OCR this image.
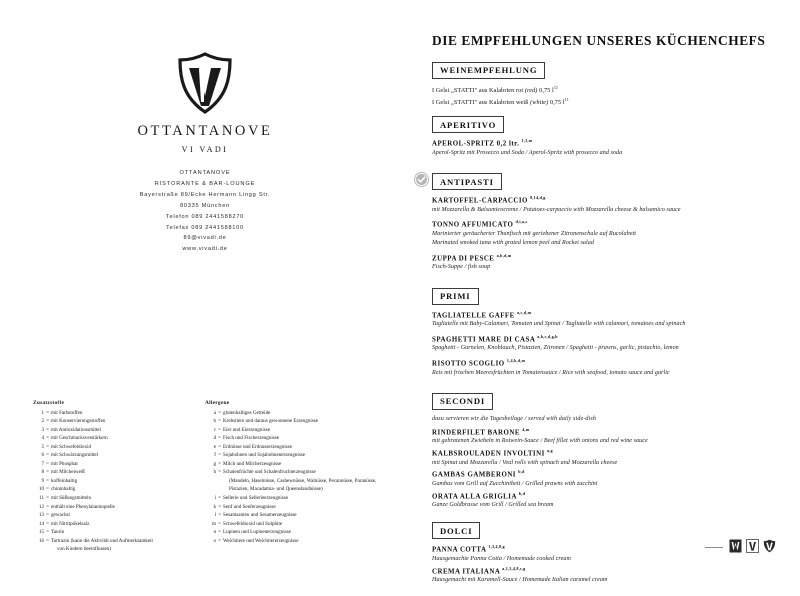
OTTANTANOVE
VI VADI
OTTANTANOVE
RISTORANTE & BAR-LOUNGE
Bayerstraße 89/Ecke Hermann Lingg Str.
80335 München
Telefon 089 2441588270
Telefax 089 2441588100
89@vivadi.de
www.vivadi.de
Zusatzstoffe
1 = mit Farbstoffen
2 = mit Konservierungsstoffen
3 = mit Antioxidationsmittel
4 = mit Geschmacksverstärkern
5 = mit Schwefeldioxid
6 = mit Schwärzungsmittel
7 = mit Phosphat
8 = mit Milcheiweiß
9 = koffeinhaltig
10 = chininhaltig
11 = mit Süßungsmitteln
12 = enthält eine Phenylalaninquelle
13 = gewachst
14 = mit Nitritpökelsalz
15 = Taurin
16 = Tartrazin (kann die Aktivität und Aufmerksamkeit
von Kindern beeinflussen)
Allergene
a = glutenhaltiges Getreide
b = Krebstiere und daraus gewonnene Erzeugnisse
c = Eier und Eierzeugnisse
d = Fisch und Fischerzeugnisse
e = Erdnüsse und Erdnusserzeugnisse
f = Sojabohnen und Sojabohnenerzeugnisse
g = Milch und Milcherzeugnisse
h = Schalenfrüchte und Schalenfruchterzeugnisse
(Mandeln, Haselnüsse, Cashewnüsse, Walnüsse, Pecannüsse, Paranüsse, Pistazien, Macadamia- und Queenslandnüsse)
i = Sellerie und Sellerieerzeugnisse
k = Senf und Senferzeugnisse
l = Sesamsamen und Sesamerzeugnisse
m = Schwefeldioxid und Sulphite
n = Lupinen und Lupinenerzeugnisse
o = Weichtiere und Weichtiererzeugnisse
DIE EMPFEHLUNGEN UNSERES KÜCHENCHEFS
WEINEMPFEHLUNG
I Gelsi „STATTI" aus Kalabrien rot (red) 0,75 $l^{11}$
I Gelsi „STATTI" aus Kalabrien weiß (white) 0,75 $l^{11}$
APERITIVO
APEROL-SPRITZ 0,2 ltr. $^{1,3,m}$
Aperol-Spritz mit Prosecco und Soda / Aperol-Spritz with prosecco and soda
ANTIPASTI
KARTOFFEL-CARPACCIO $^{8,14,d,g}$
mit Mozzarella & Balsamicocreme / Potatoes-carpaccio with Mozzarella cheese & balsamico sauce
TONNO AFFUMICATO $^{d,i,a,s}$
Marinierter geräucherter Thunfisch mit geriebener Zitronenschale auf Rucolabett
Marinated smoked tuna with grated lemon peel and Rocket salad
ZUPPA DI PESCE $^{a,b,d,m}$
Fisch-Suppe / fish soup
PRIMI
TAGLIATELLE GAFFE $^{a,c,d,m}$
Tagliatelle mit Baby-Calamari, Tomaten und Spinat / Tagliatelle with calamari, tomatoes and spinach
SPAGHETTI MARE DI CASA $^{a,b,c,d,g,h}$
Spaghetti - Garnelen, Knoblauch, Pistazien, Zitronen / Spaghetti - prawns, garlic, pistachio, lemon
RISOTTO SCOGLIO $^{1,4,b,d,m}$
Reis mit frischen Meeresfrüchten in Tomatensauce / Rice with seafood, tomato sauce and garlic
SECONDI
dazu servieren wir die Tagesbeilage / served with daily side-dish
RINDERFILET BARONE $^{4,m}$
mit gebratenen Zwiebeln in Rotwein-Sauce / Beef fillet with onions and red wine sauce
KALBSROULADEN INVOLTINI $^{a,g}$
mit Spinat und Mozzarella / Veal rolls with spinach and Mozzarella cheese
GAMBAS GAMBERONI $^{b,d}$
Gambas vom Grill auf Zucchinibett / Grilled prawns with zucchini
ORATA ALLA GRIGLIA $^{b,d}$
Ganze Goldbrasse vom Grill / Grilled sea bream
DOLCI
PANNA COTTA $^{1,3,4,8,g}$
Hausgemachte Panna Cotta / Homemade cooked cream
CREMA ITALIANA $^{a,1,3,4,8,c,g}$
Hausgemacht mit Karamell-Sauce / Homemade Italian caramel cream
